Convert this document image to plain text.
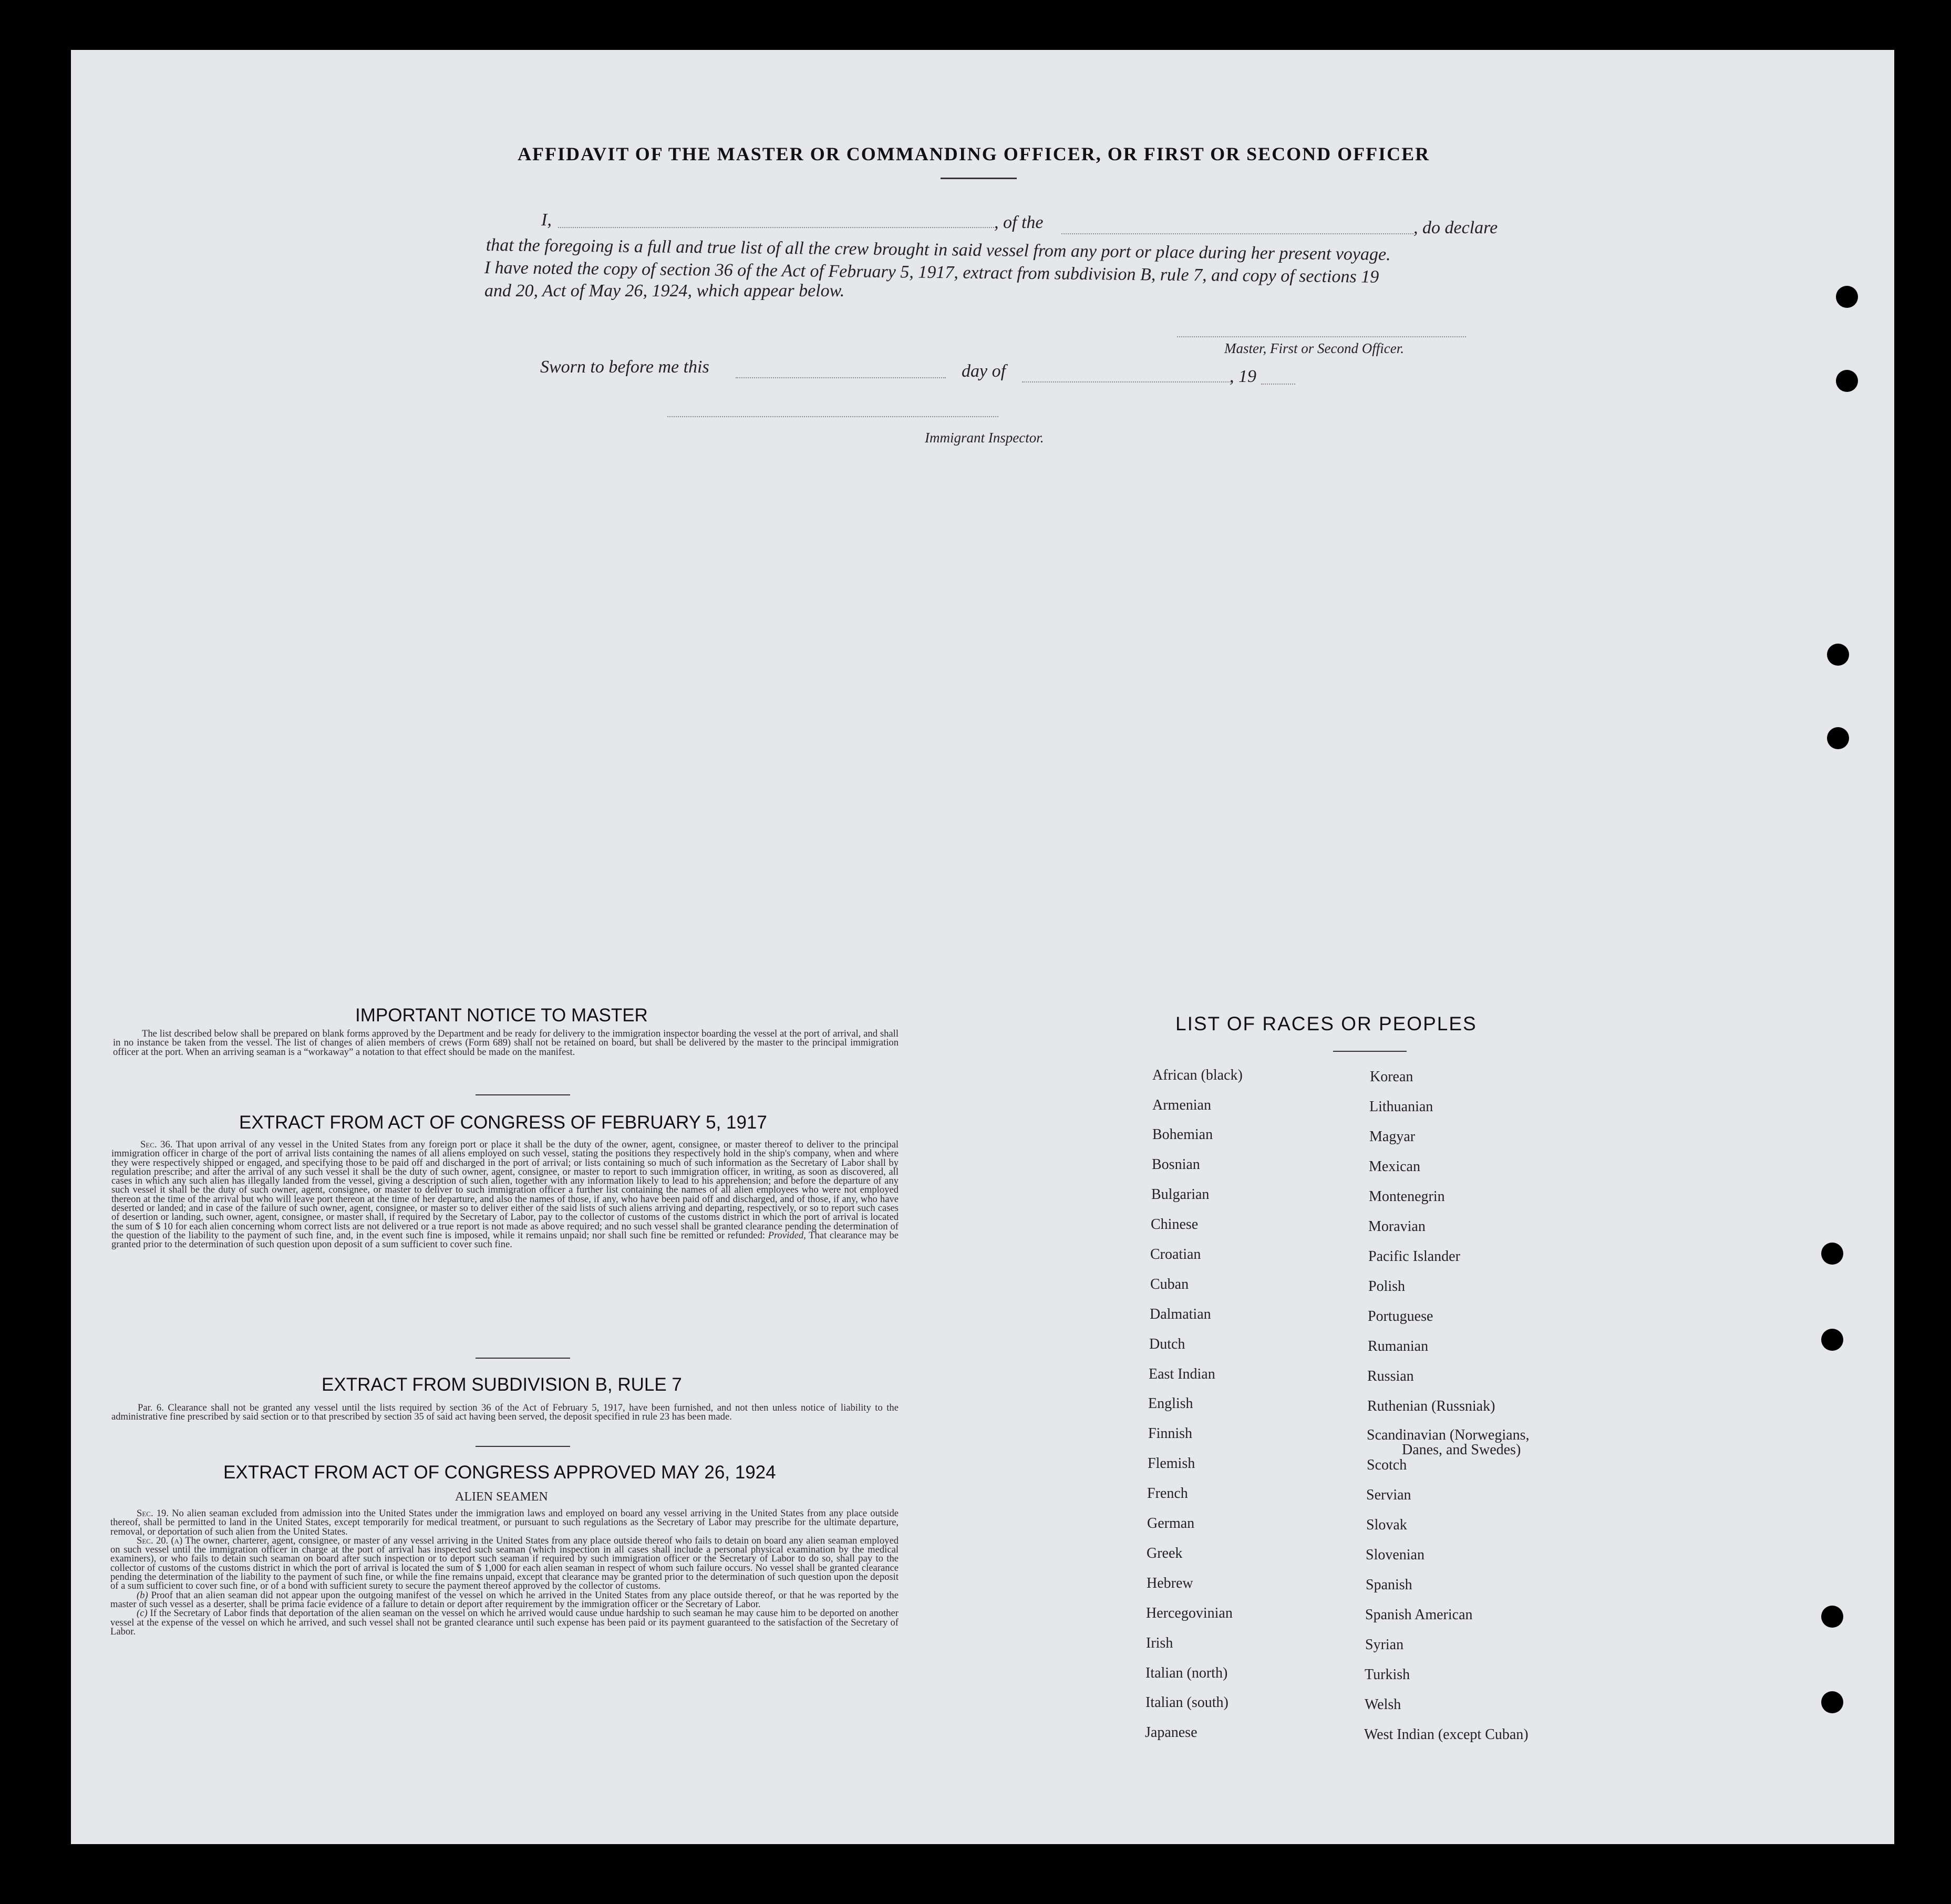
AFFIDAVIT OF THE MASTER OR COMMANDING OFFICER, OR FIRST OR SECOND OFFICER
I,	, of the	, do declare
that the foregoing is a full and true list of all the crew brought in said vessel from any port or place during her present voyage.
I have noted the copy of section 36 of the Act of February 5, 1917, extract from subdivision B, rule 7, and copy of sections 19
and 20, Act of May 26, 1924, which appear below.
Master, First or Second Officer.
Sworn to before me this	day of	, 19
Immigrant Inspector.
IMPORTANT NOTICE TO MASTER
The list described below shall be prepared on blank forms approved by the Department and be ready for delivery to the immigration inspector boarding the vessel at the port of arrival, and shall in no instance be taken from the vessel. The list of changes of alien members of crews (Form 689) shall not be retained on board, but shall be delivered by the master to the principal immigration officer at the port. When an arriving seaman is a “workaway” a notation to that effect should be made on the manifest.
EXTRACT FROM ACT OF CONGRESS OF FEBRUARY 5, 1917
Sec. 36. That upon arrival of any vessel in the United States from any foreign port or place it shall be the duty of the owner, agent, consignee, or master thereof to deliver to the principal immigration officer in charge of the port of arrival lists containing the names of all aliens employed on such vessel, stating the positions they respectively hold in the ship's company, when and where they were respectively shipped or engaged, and specifying those to be paid off and discharged in the port of arrival; or lists containing so much of such information as the Secretary of Labor shall by regulation prescribe; and after the arrival of any such vessel it shall be the duty of such owner, agent, consignee, or master to report to such immigration officer, in writing, as soon as discovered, all cases in which any such alien has illegally landed from the vessel, giving a description of such alien, together with any information likely to lead to his apprehension; and before the departure of any such vessel it shall be the duty of such owner, agent, consignee, or master to deliver to such immigration officer a further list containing the names of all alien employees who were not employed thereon at the time of the arrival but who will leave port thereon at the time of her departure, and also the names of those, if any, who have been paid off and discharged, and of those, if any, who have deserted or landed; and in case of the failure of such owner, agent, consignee, or master so to deliver either of the said lists of such aliens arriving and departing, respectively, or so to report such cases of desertion or landing, such owner, agent, consignee, or master shall, if required by the Secretary of Labor, pay to the collector of customs of the customs district in which the port of arrival is located the sum of $ 10 for each alien concerning whom correct lists are not delivered or a true report is not made as above required; and no such vessel shall be granted clearance pending the determination of the question of the liability to the payment of such fine, and, in the event such fine is imposed, while it remains unpaid; nor shall such fine be remitted or refunded: Provided, That clearance may be granted prior to the determination of such question upon deposit of a sum sufficient to cover such fine.
EXTRACT FROM SUBDIVISION B, RULE 7
Par. 6. Clearance shall not be granted any vessel until the lists required by section 36 of the Act of February 5, 1917, have been furnished, and not then unless notice of liability to the administrative fine prescribed by said section or to that prescribed by section 35 of said act having been served, the deposit specified in rule 23 has been made.
EXTRACT FROM ACT OF CONGRESS APPROVED MAY 26, 1924
ALIEN SEAMEN
Sec. 19. No alien seaman excluded from admission into the United States under the immigration laws and employed on board any vessel arriving in the United States from any place outside thereof, shall be permitted to land in the United States, except temporarily for medical treatment, or pursuant to such regulations as the Secretary of Labor may prescribe for the ultimate departure, removal, or deportation of such alien from the United States.
Sec. 20. (a) The owner, charterer, agent, consignee, or master of any vessel arriving in the United States from any place outside thereof who fails to detain on board any alien seaman employed on such vessel until the immigration officer in charge at the port of arrival has inspected such seaman (which inspection in all cases shall include a personal physical examination by the medical examiners), or who fails to detain such seaman on board after such inspection or to deport such seaman if required by such immigration officer or the Secretary of Labor to do so, shall pay to the collector of customs of the customs district in which the port of arrival is located the sum of $ 1,000 for each alien seaman in respect of whom such failure occurs. No vessel shall be granted clearance pending the determination of the liability to the payment of such fine, or while the fine remains unpaid, except that clearance may be granted prior to the determination of such question upon the deposit of a sum sufficient to cover such fine, or of a bond with sufficient surety to secure the payment thereof approved by the collector of customs.
(b) Proof that an alien seaman did not appear upon the outgoing manifest of the vessel on which he arrived in the United States from any place outside thereof, or that he was reported by the master of such vessel as a deserter, shall be prima facie evidence of a failure to detain or deport after requirement by the immigration officer or the Secretary of Labor.
(c) If the Secretary of Labor finds that deportation of the alien seaman on the vessel on which he arrived would cause undue hardship to such seaman he may cause him to be deported on another vessel at the expense of the vessel on which he arrived, and such vessel shall not be granted clearance until such expense has been paid or its payment guaranteed to the satisfaction of the Secretary of Labor.
LIST OF RACES OR PEOPLES
African (black)
Armenian
Bohemian
Bosnian
Bulgarian
Chinese
Croatian
Cuban
Dalmatian
Dutch
East Indian
English
Finnish
Flemish
French
German
Greek
Hebrew
Hercegovinian
Irish
Italian (north)
Italian (south)
Japanese
Korean
Lithuanian
Magyar
Mexican
Montenegrin
Moravian
Pacific Islander
Polish
Portuguese
Rumanian
Russian
Ruthenian (Russniak)
Scandinavian (Norwegians,
Danes, and Swedes)
Scotch
Servian
Slovak
Slovenian
Spanish
Spanish American
Syrian
Turkish
Welsh
West Indian (except Cuban)
